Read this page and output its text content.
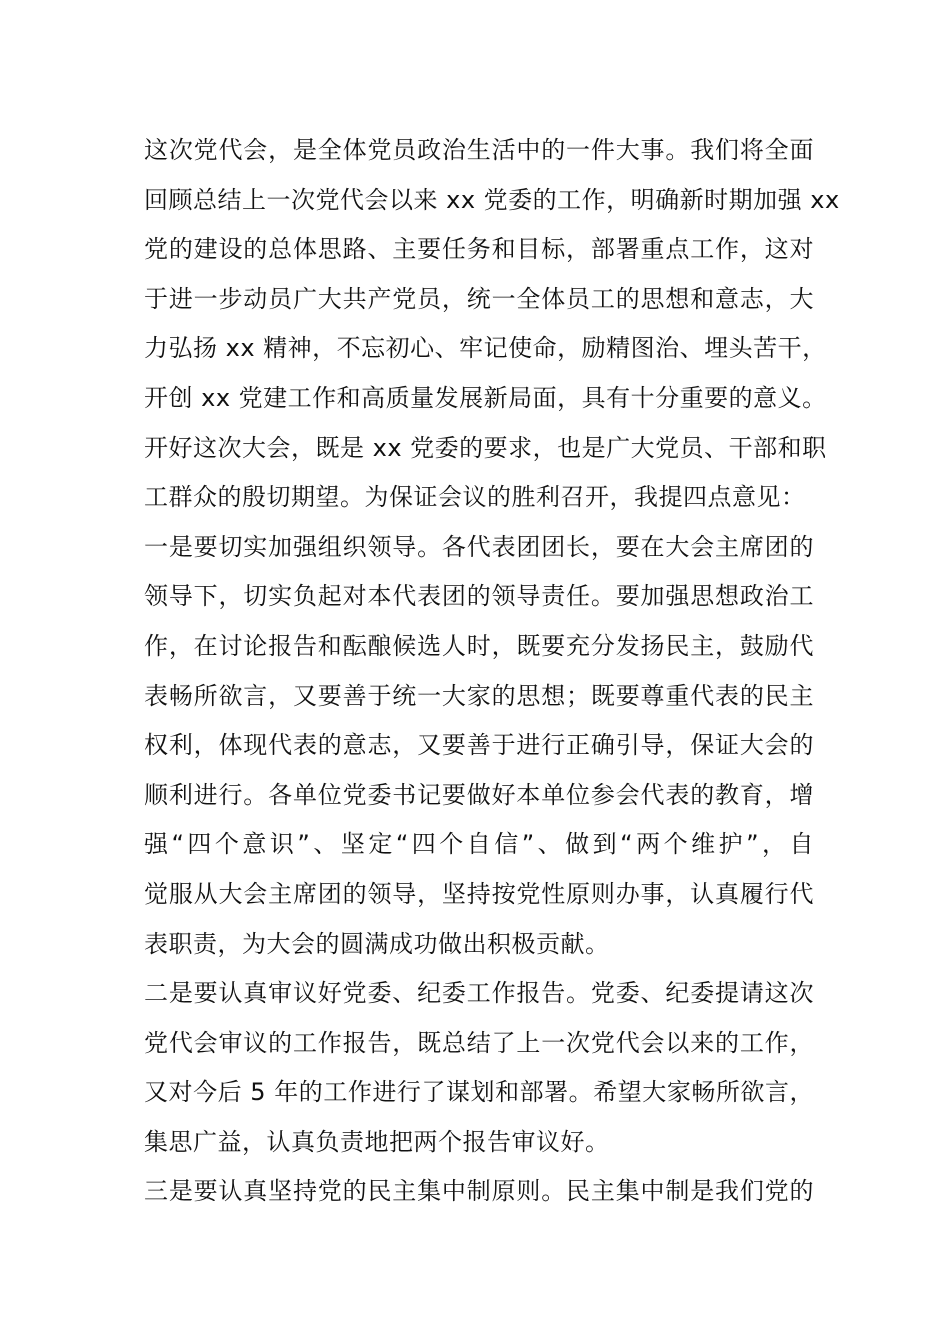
这次党代会，是全体党员政治生活中的一件大事。我们将全面
回顾总结上一次党代会以来 xx 党委的工作，明确新时期加强 xx
党的建设的总体思路、主要任务和目标，部署重点工作，这对
于进一步动员广大共产党员，统一全体员工的思想和意志，大
力弘扬 xx 精神，不忘初心、牢记使命，励精图治、埋头苦干，
开创 xx 党建工作和高质量发展新局面，具有十分重要的意义。
开好这次大会，既是 xx 党委的要求，也是广大党员、干部和职
工群众的殷切期望。为保证会议的胜利召开，我提四点意见：
一是要切实加强组织领导。各代表团团长，要在大会主席团的
领导下，切实负起对本代表团的领导责任。要加强思想政治工
作，在讨论报告和酝酿候选人时，既要充分发扬民主，鼓励代
表畅所欲言，又要善于统一大家的思想；既要尊重代表的民主
权利，体现代表的意志，又要善于进行正确引导，保证大会的
顺利进行。各单位党委书记要做好本单位参会代表的教育，增
强“四个意识”、坚定“四个自信”、做到“两个维护”，自
觉服从大会主席团的领导，坚持按党性原则办事，认真履行代
表职责，为大会的圆满成功做出积极贡献。
二是要认真审议好党委、纪委工作报告。党委、纪委提请这次
党代会审议的工作报告，既总结了上一次党代会以来的工作，
又对今后 5 年的工作进行了谋划和部署。希望大家畅所欲言，
集思广益，认真负责地把两个报告审议好。
三是要认真坚持党的民主集中制原则。民主集中制是我们党的
